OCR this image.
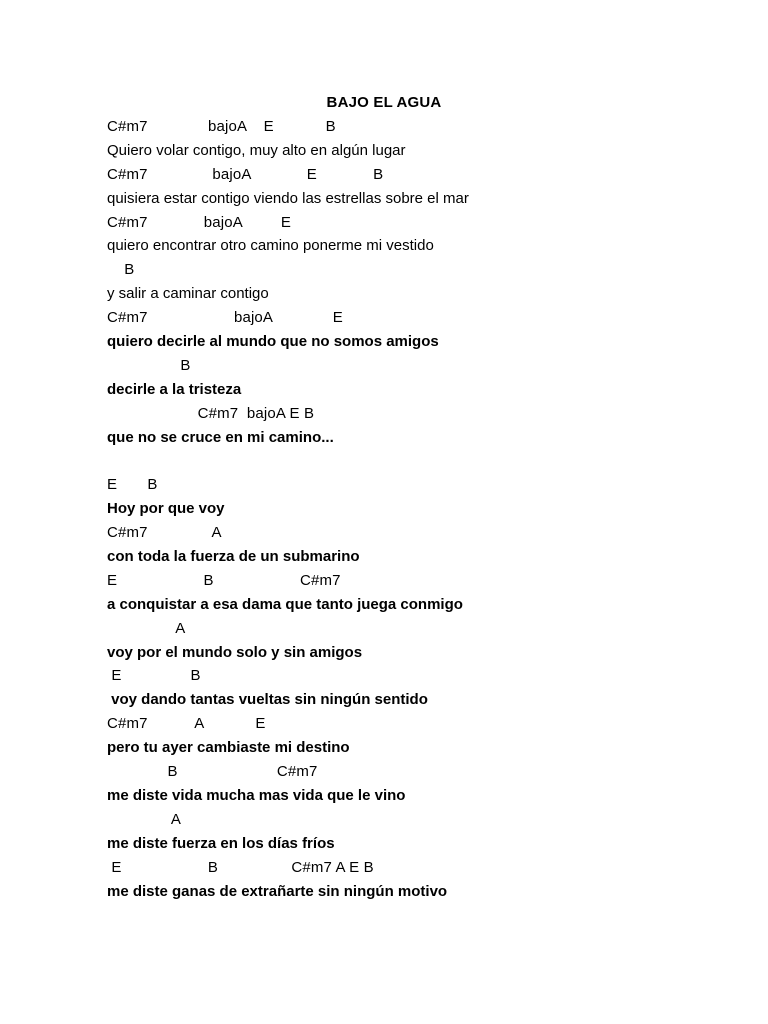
BAJO EL AGUA
C#m7              bajoA    E            B
Quiero volar contigo, muy alto en algún lugar
C#m7               bajoA             E             B
quisiera estar contigo viendo las estrellas sobre el mar
C#m7             bajoA         E
quiero encontrar otro camino ponerme mi vestido
B
y salir a caminar contigo
C#m7                    bajoA              E
quiero decirle al mundo que no somos amigos
B
decirle a la tristeza
C#m7  bajoA E B
que no se cruce en mi camino...
E       B
Hoy por que voy
C#m7               A
con toda la fuerza de un submarino
E                    B                    C#m7
a conquistar a esa dama que tanto juega conmigo
A
voy por el mundo solo y sin amigos
E                B
voy dando tantas vueltas sin ningún sentido
C#m7           A            E
pero tu ayer cambiaste mi destino
B                       C#m7
me diste vida mucha mas vida que le vino
A
me diste fuerza en los días fríos
E                    B                 C#m7 A E B
me diste ganas de extrañarte sin ningún motivo
